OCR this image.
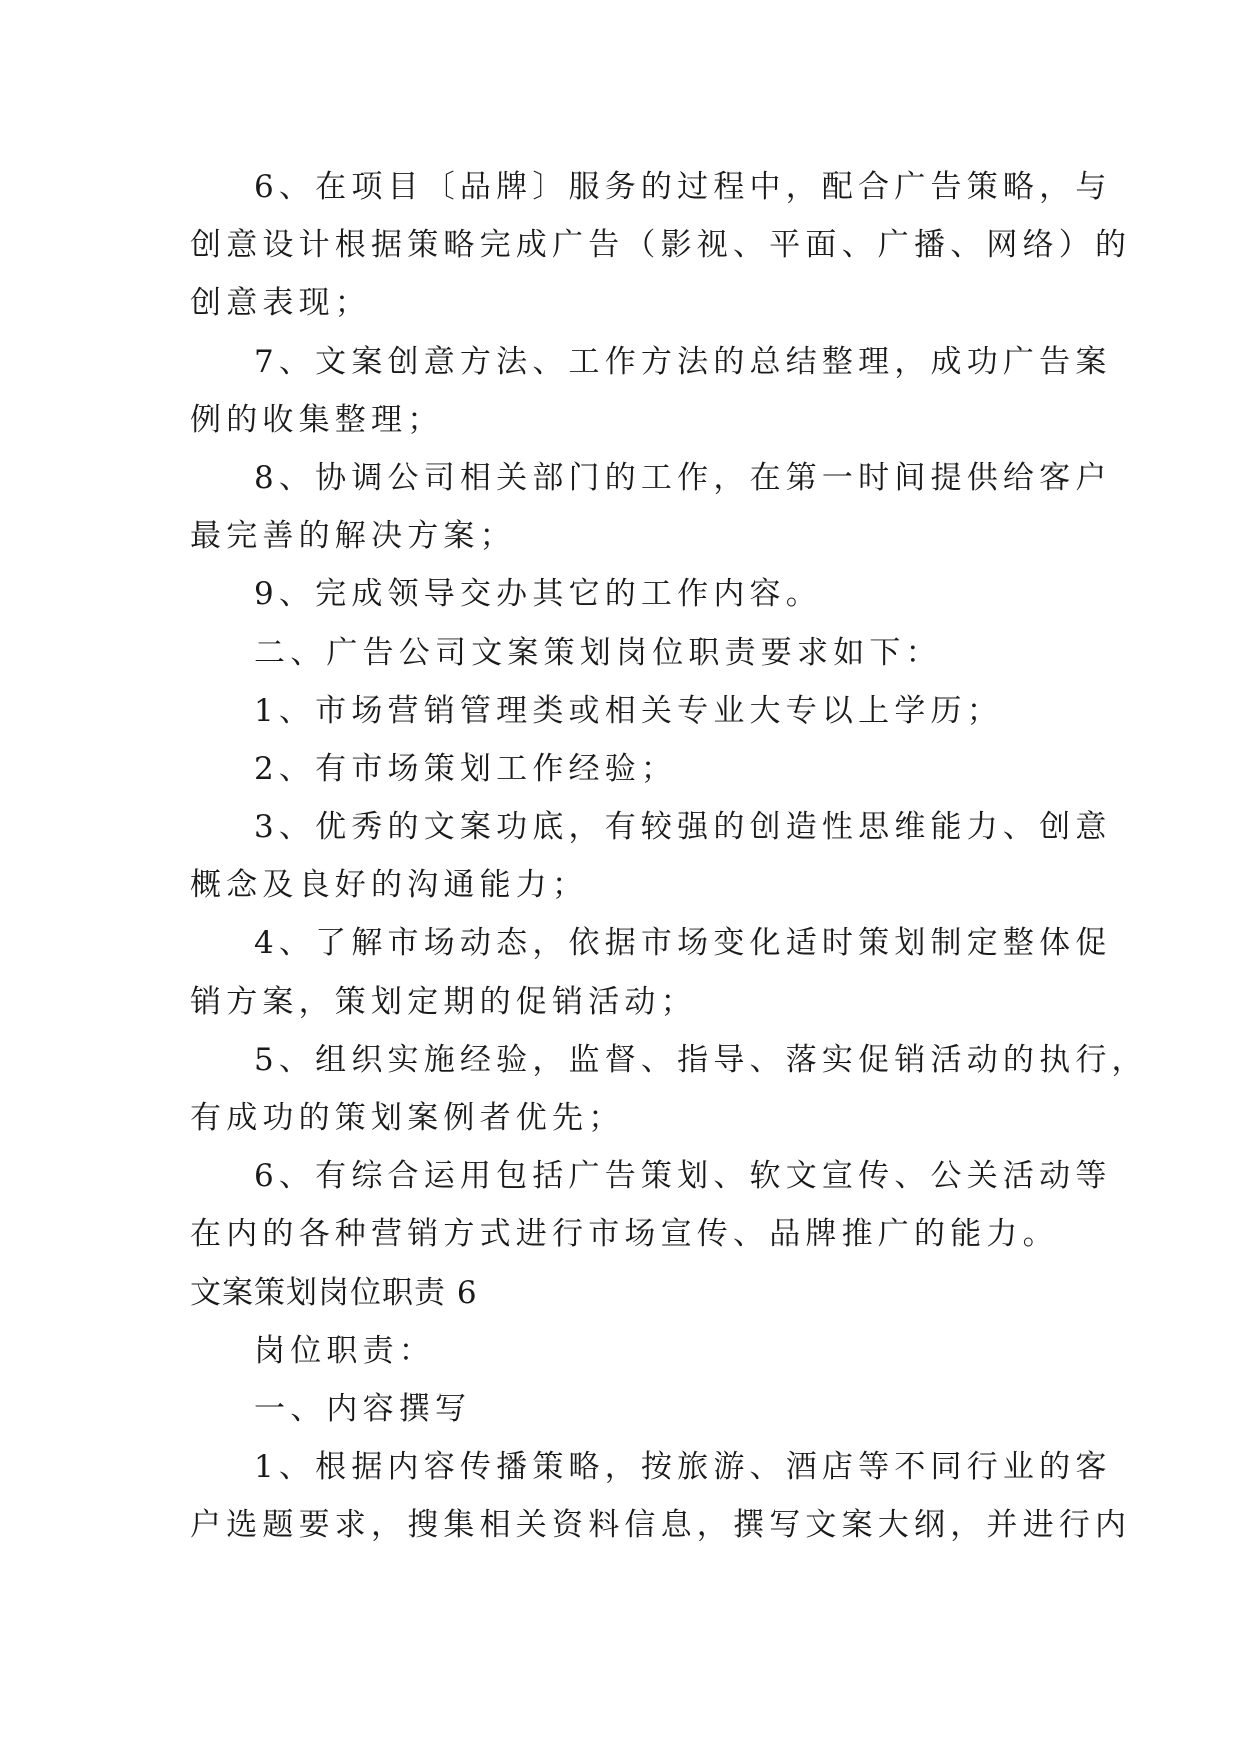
6、在项目〔品牌〕服务的过程中，配合广告策略，与
创意设计根据策略完成广告（影视、平面、广播、网络）的
创意表现；
7、文案创意方法、工作方法的总结整理，成功广告案
例的收集整理；
8、协调公司相关部门的工作，在第一时间提供给客户
最完善的解决方案；
9、完成领导交办其它的工作内容。
二、广告公司文案策划岗位职责要求如下：
1、市场营销管理类或相关专业大专以上学历；
2、有市场策划工作经验；
3、优秀的文案功底，有较强的创造性思维能力、创意
概念及良好的沟通能力；
4、了解市场动态，依据市场变化适时策划制定整体促
销方案，策划定期的促销活动；
5、组织实施经验，监督、指导、落实促销活动的执行，
有成功的策划案例者优先；
6、有综合运用包括广告策划、软文宣传、公关活动等
在内的各种营销方式进行市场宣传、品牌推广的能力。
文案策划岗位职责 6
岗位职责：
一、内容撰写
1、根据内容传播策略，按旅游、酒店等不同行业的客
户选题要求，搜集相关资料信息，撰写文案大纲，并进行内
